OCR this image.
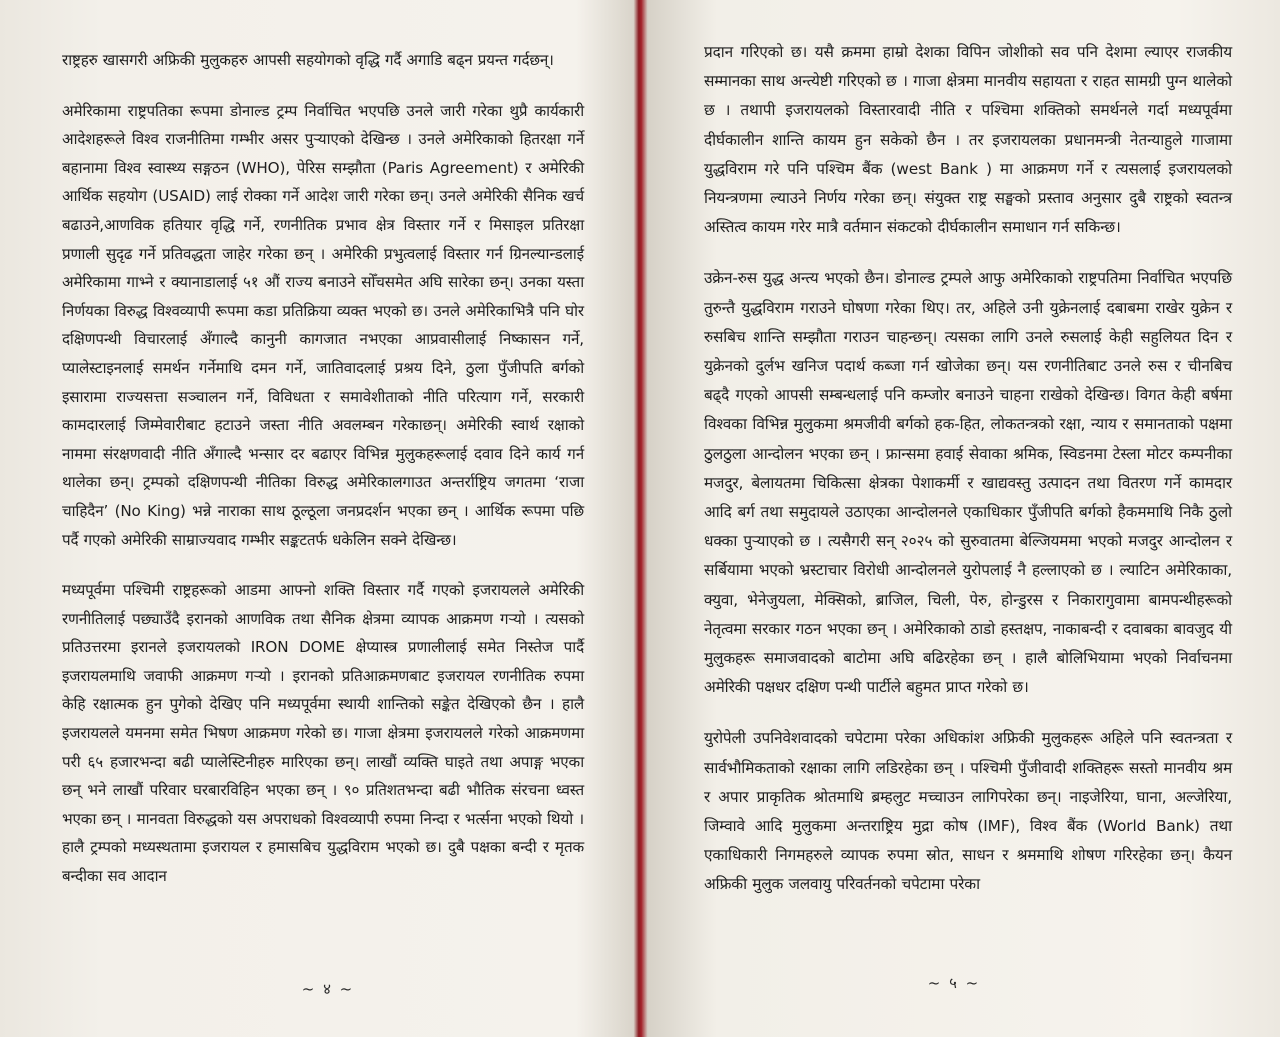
राष्ट्रहरु खासगरी अफ्रिकी मुलुकहरु आपसी सहयोगको वृद्धि गर्दै अगाडि बढ्न प्रयन्त गर्दछन्।

अमेरिकामा राष्ट्रपतिका रूपमा डोनाल्ड ट्रम्प निर्वाचित भएपछि उनले जारी गरेका थुप्रै कार्यकारी आदेशहरूले विश्व राजनीतिमा गम्भीर असर पुऱ्याएको देखिन्छ । उनले अमेरिकाको हितरक्षा गर्ने बहानामा विश्व स्वास्थ्य सङ्गठन (WHO), पेरिस सम्झौता (Paris Agreement) र अमेरिकी आर्थिक सहयोग (USAID) लाई रोक्का गर्ने आदेश जारी गरेका छन्। उनले अमेरिकी सैनिक खर्च बढाउने,आणविक हतियार वृद्धि गर्ने, रणनीतिक प्रभाव क्षेत्र विस्तार गर्ने र मिसाइल प्रतिरक्षा प्रणाली सुदृढ गर्ने प्रतिवद्धता जाहेर गरेका छन् । अमेरिकी प्रभुत्वलाई विस्तार गर्न ग्रिनल्यान्डलाई अमेरिकामा गाभ्ने र क्यानाडालाई ५१ औं राज्य बनाउने सोँचसमेत अघि सारेका छन्। उनका यस्ता निर्णयका विरुद्ध विश्वव्यापी रूपमा कडा प्रतिक्रिया व्यक्त भएको छ। उनले अमेरिकाभित्रै पनि घोर दक्षिणपन्थी विचारलाई अँगाल्दै कानुनी कागजात नभएका आप्रवासीलाई निष्कासन गर्ने, प्यालेस्टाइनलाई समर्थन गर्नेमाथि दमन गर्ने, जातिवादलाई प्रश्रय दिने, ठुला पुँजीपति बर्गको इसारामा राज्यसत्ता सञ्चालन गर्ने, विविधता र समावेशीताको नीति परित्याग गर्ने, सरकारी कामदारलाई जिम्मेवारीबाट हटाउने जस्ता नीति अवलम्बन गरेकाछन्। अमेरिकी स्वार्थ रक्षाको नाममा संरक्षणवादी नीति अँगाल्दै भन्सार दर बढाएर विभिन्न मुलुकहरूलाई दवाव दिने कार्य गर्न थालेका छन्। ट्रम्पको दक्षिणपन्थी नीतिका विरुद्ध अमेरिकालगाउत अन्तर्राष्ट्रिय जगतमा ‘राजा चाहिदैन’ (No King) भन्ने नाराका साथ ठूल्ठूला जनप्रदर्शन भएका छन् । आर्थिक रूपमा पछि पर्दै गएको अमेरिकी साम्राज्यवाद गम्भीर सङ्कटतर्फ धकेलिन सक्ने देखिन्छ।

मध्यपूर्वमा पश्चिमी राष्ट्रहरूको आडमा आफ्नो शक्ति विस्तार गर्दै गएको इजरायलले अमेरिकी रणनीतिलाई पछ्याउँदै इरानको आणविक तथा सैनिक क्षेत्रमा व्यापक आक्रमण गऱ्यो । त्यसको प्रतिउत्तरमा इरानले इजरायलको IRON DOME क्षेप्यास्त्र प्रणालीलाई समेत निस्तेज पार्दै इजरायलमाथि जवाफी आक्रमण गऱ्यो । इरानको प्रतिआक्रमणबाट इजरायल रणनीतिक रुपमा केहि रक्षात्मक हुन पुगेको देखिए पनि मध्यपूर्वमा स्थायी शान्तिको सङ्केत देखिएको छैन । हालै इजरायलले यमनमा समेत भिषण आक्रमण गरेको छ। गाजा क्षेत्रमा इजरायलले गरेको आक्रमणमा परी ६५ हजारभन्दा बढी प्यालेस्टिनीहरु मारिएका छन्। लाखौं व्यक्ति घाइते तथा अपाङ्ग भएका छन् भने लाखौं परिवार घरबारविहिन भएका छन् । ९० प्रतिशतभन्दा बढी भौतिक संरचना ध्वस्त भएका छन् । मानवता विरुद्धको यस अपराधको विश्वव्यापी रुपमा निन्दा र भर्त्सना भएको थियो । हालै ट्रम्पको मध्यस्थतामा इजरायल र हमासबिच युद्धविराम भएको छ। दुबै पक्षका बन्दी र मृतक बन्दीका सव आदान

~ ४ ~

प्रदान गरिएको छ। यसै क्रममा हाम्रो देशका विपिन जोशीको सव पनि देशमा ल्याएर राजकीय सम्मानका साथ अन्त्येष्टी गरिएको छ । गाजा क्षेत्रमा मानवीय सहायता र राहत सामग्री पुग्न थालेको छ । तथापी इजरायलको विस्तारवादी नीति र पश्चिमा शक्तिको समर्थनले गर्दा मध्यपूर्वमा दीर्घकालीन शान्ति कायम हुन सकेको छैन । तर इजरायलका प्रधानमन्त्री नेतन्याहुले गाजामा युद्धविराम गरे पनि पश्चिम बैंक (west Bank ) मा आक्रमण गर्ने र त्यसलाई इजरायलको नियन्त्रणमा ल्याउने निर्णय गरेका छन्। संयुक्त राष्ट्र सङ्घको प्रस्ताव अनुसार दुबै राष्ट्रको स्वतन्त्र अस्तित्व कायम गरेर मात्रै वर्तमान संकटको दीर्घकालीन समाधान गर्न सकिन्छ।

उक्रेन-रुस युद्ध अन्त्य भएको छैन। डोनाल्ड ट्रम्पले आफु अमेरिकाको राष्ट्रपतिमा निर्वाचित भएपछि तुरुन्तै युद्धविराम गराउने घोषणा गरेका थिए। तर, अहिले उनी युक्रेनलाई दबाबमा राखेर युक्रेन र रुसबिच शान्ति सम्झौता गराउन चाहन्छन्। त्यसका लागि उनले रुसलाई केही सहुलियत दिन र युक्रेनको दुर्लभ खनिज पदार्थ कब्जा गर्न खोजेका छन्। यस रणनीतिबाट उनले रुस र चीनबिच बढ्दै गएको आपसी सम्बन्धलाई पनि कम्जोर बनाउने चाहना राखेको देखिन्छ। विगत केही बर्षमा विश्वका विभिन्न मुलुकमा श्रमजीवी बर्गको हक-हित, लोकतन्त्रको रक्षा, न्याय र समानताको पक्षमा ठुलठुला आन्दोलन भएका छन् । फ्रान्समा हवाई सेवाका श्रमिक, स्विडनमा टेस्ला मोटर कम्पनीका मजदुर, बेलायतमा चिकित्सा क्षेत्रका पेशाकर्मी र खाद्यवस्तु उत्पादन तथा वितरण गर्ने कामदार आदि बर्ग तथा समुदायले उठाएका आन्दोलनले एकाधिकार पुँजीपति बर्गको हैकममाथि निकै ठुलो धक्का पुऱ्याएको छ । त्यसैगरी सन् २०२५ को सुरुवातमा बेल्जियममा भएको मजदुर आन्दोलन र सर्बियामा भएको भ्रस्टाचार विरोधी आन्दोलनले युरोपलाई नै हल्लाएको छ । ल्याटिन अमेरिकाका, क्युवा, भेनेजुयला, मेक्सिको, ब्राजिल, चिली, पेरु, होन्डुरस र निकारागुवामा बामपन्थीहरूको नेतृत्वमा सरकार गठन भएका छन् । अमेरिकाको ठाडो हस्तक्षप, नाकाबन्दी र दवाबका बावजुद यी मुलुकहरू समाजवादको बाटोमा अघि बढिरहेका छन् । हालै बोलिभियामा भएको निर्वाचनमा अमेरिकी पक्षधर दक्षिण पन्थी पार्टीले बहुमत प्राप्त गरेको छ।

युरोपेली उपनिवेशवादको चपेटामा परेका अधिकांश अफ्रिकी मुलुकहरू अहिले पनि स्वतन्त्रता र सार्वभौमिकताको रक्षाका लागि लडिरहेका छन् । पश्चिमी पुँजीवादी शक्तिहरू सस्तो मानवीय श्रम र अपार प्राकृतिक श्रोतमाथि ब्रम्हलुट मच्चाउन लागिपरेका छन्। नाइजेरिया, घाना, अल्जेरिया, जिम्वावे आदि मुलुकमा अन्तराष्ट्रिय मुद्रा कोष (IMF), विश्व बैंक (World Bank) तथा एकाधिकारी निगमहरुले व्यापक रुपमा स्रोत, साधन र श्रममाथि शोषण गरिरहेका छन्। कैयन अफ्रिकी मुलुक जलवायु परिवर्तनको चपेटामा परेका

~ ५ ~
